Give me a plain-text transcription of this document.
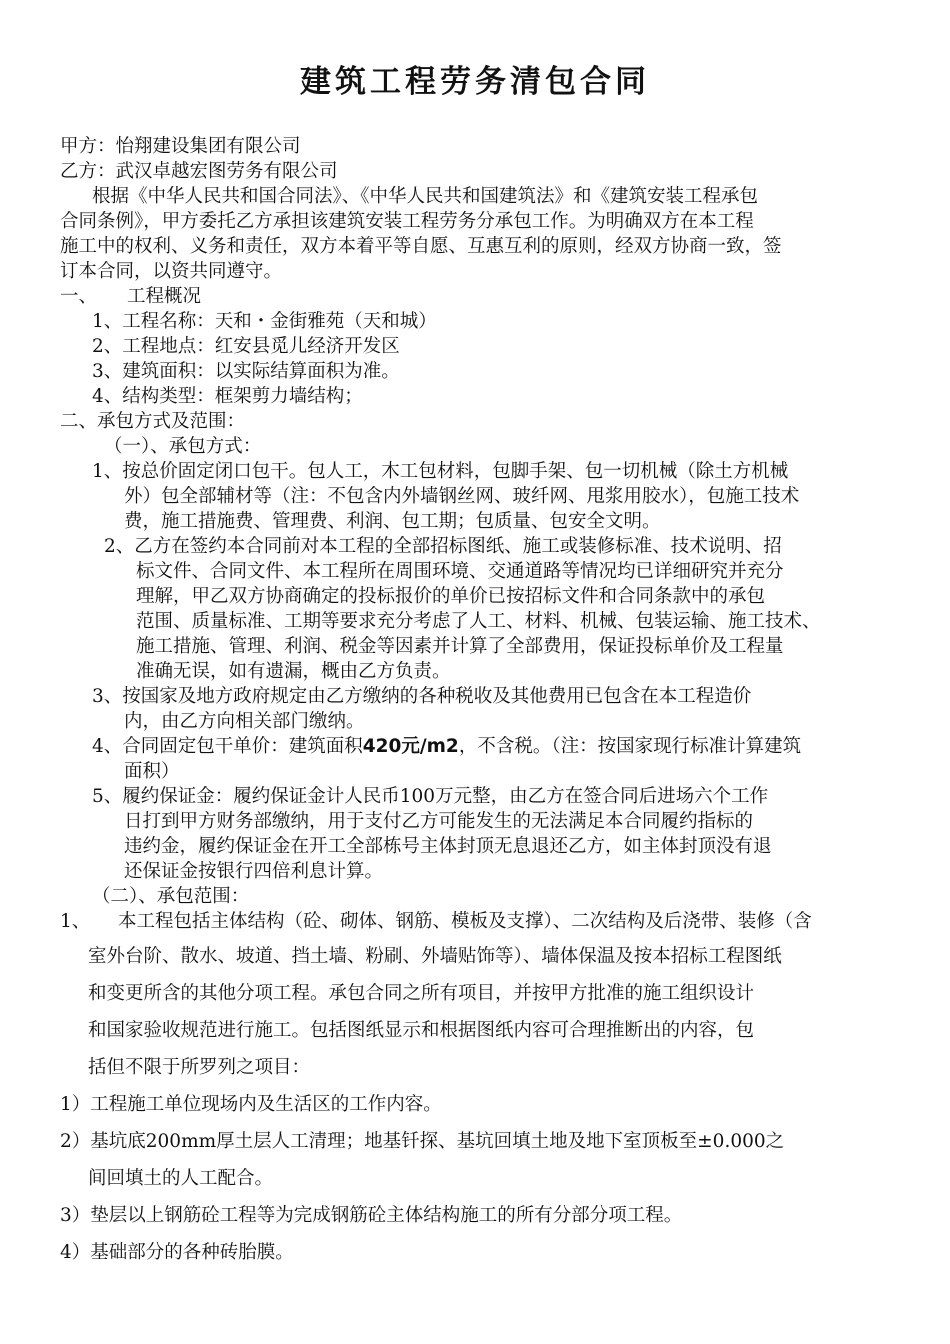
建筑工程劳务清包合同
甲方：怡翔建设集团有限公司
乙方：武汉卓越宏图劳务有限公司
根据《中华人民共和国合同法》、《中华人民共和国建筑法》和《建筑安装工程承包
合同条例》，甲方委托乙方承担该建筑安装工程劳务分承包工作。为明确双方在本工程
施工中的权利、义务和责任，双方本着平等自愿、互惠互利的原则，经双方协商一致，签
订本合同，以资共同遵守。
一、 工程概况
1、工程名称：天和・金街雅苑（天和城）
2、工程地点：红安县觅儿经济开发区
3、建筑面积：以实际结算面积为准。
4、结构类型：框架剪力墙结构；
二、承包方式及范围：
（一）、承包方式：
1、按总价固定闭口包干。包人工，木工包材料，包脚手架、包一切机械（除土方机械
外）包全部辅材等（注：不包含内外墙钢丝网、玻纤网、甩浆用胶水），包施工技术
费，施工措施费、管理费、利润、包工期；包质量、包安全文明。
2、乙方在签约本合同前对本工程的全部招标图纸、施工或装修标准、技术说明、招
标文件、合同文件、本工程所在周围环境、交通道路等情况均已详细研究并充分
理解，甲乙双方协商确定的投标报价的单价已按招标文件和合同条款中的承包
范围、质量标准、工期等要求充分考虑了人工、材料、机械、包装运输、施工技术、
施工措施、管理、利润、税金等因素并计算了全部费用，保证投标单价及工程量
准确无误，如有遗漏，概由乙方负责。
3、按国家及地方政府规定由乙方缴纳的各种税收及其他费用已包含在本工程造价
内，由乙方向相关部门缴纳。
4、合同固定包干单价：建筑面积420元/m2，不含税。（注：按国家现行标准计算建筑
面积）
5、履约保证金：履约保证金计人民币100万元整，由乙方在签合同后进场六个工作
日打到甲方财务部缴纳，用于支付乙方可能发生的无法满足本合同履约指标的
违约金，履约保证金在开工全部栋号主体封顶无息退还乙方，如主体封顶没有退
还保证金按银行四倍利息计算。
（二）、承包范围：
1、 本工程包括主体结构（砼、砌体、钢筋、模板及支撑）、二次结构及后浇带、装修（含
室外台阶、散水、坡道、挡土墙、粉刷、外墙贴饰等）、墙体保温及按本招标工程图纸
和变更所含的其他分项工程。承包合同之所有项目，并按甲方批准的施工组织设计
和国家验收规范进行施工。包括图纸显示和根据图纸内容可合理推断出的内容，包
括但不限于所罗列之项目：
1）工程施工单位现场内及生活区的工作内容。
2）基坑底200mm厚土层人工清理；地基钎探、基坑回填土地及地下室顶板至±0.000之
间回填土的人工配合。
3）垫层以上钢筋砼工程等为完成钢筋砼主体结构施工的所有分部分项工程。
4）基础部分的各种砖胎膜。
